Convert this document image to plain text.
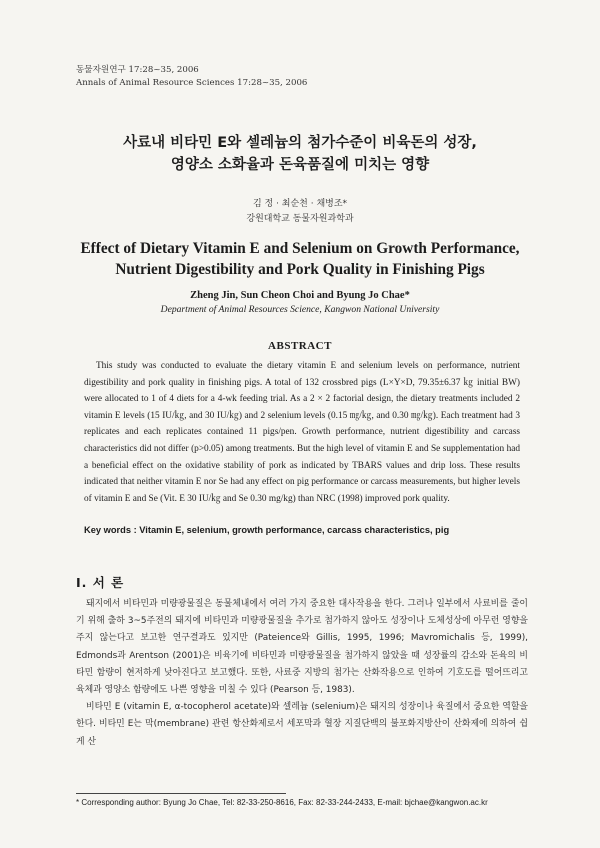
동물자원연구 17:28~35, 2006
Annals of Animal Resource Sciences 17:28~35, 2006
사료내 비타민 E와 셀레늄의 첨가수준이 비육돈의 성장,
영양소 소화율과 돈육품질에 미치는 영향
김 정 · 최순천 · 채병조*
강원대학교 동물자원과학과
Effect of Dietary Vitamin E and Selenium on Growth Performance,
Nutrient Digestibility and Pork Quality in Finishing Pigs
Zheng Jin, Sun Cheon Choi and Byung Jo Chae*
Department of Animal Resources Science, Kangwon National University
ABSTRACT
This study was conducted to evaluate the dietary vitamin E and selenium levels on performance, nutrient digestibility and pork quality in finishing pigs. A total of 132 crossbred pigs (L×Y×D, 79.35±6.37 ㎏ initial BW) were allocated to 1 of 4 diets for a 4-wk feeding trial. As a 2 × 2 factorial design, the dietary treatments included 2 vitamin E levels (15 IU/㎏, and 30 IU/㎏) and 2 selenium levels (0.15 ㎎/㎏, and 0.30 ㎎/㎏). Each treatment had 3 replicates and each replicates contained 11 pigs/pen. Growth performance, nutrient digestibility and carcass characteristics did not differ (p>0.05) among treatments. But the high level of vitamin E and Se supplementation had a beneficial effect on the oxidative stability of pork as indicated by TBARS values and drip loss. These results indicated that neither vitamin E nor Se had any effect on pig performance or carcass measurements, but higher levels of vitamin E and Se (Vit. E 30 IU/㎏ and Se 0.30 mg/kg) than NRC (1998) improved pork quality.
Key words : Vitamin E, selenium, growth performance, carcass characteristics, pig
Ⅰ. 서 론

돼지에서 비타민과 미량광물질은 동물체내에서 여러 가지 중요한 대사작용을 한다. 그러나 일부에서 사료비를 줄이기 위해 출하 3~5주전의 돼지에 비타민과 미량광물질을 추가로 첨가하지 않아도 성장이나 도체성상에 아무런 영향을 주지 않는다고 보고한 연구결과도 있지만 (Pateience와 Gillis, 1995, 1996; Mavromichalis 등, 1999), Edmonds과 Arentson (2001)은 비육기에 비타민과 미량광물질을 첨가하지 않았을 때 성장률의 감소와 돈육의 비타민 함량이 현저하게 낮아진다고 보고했다. 또한, 사료중 지방의 첨가는 산화작용으로 인하여 기호도를 떨어뜨리고 육체과 영양소 함량에도 나쁜 영향을 미칠 수 있다 (Pearson 등, 1983).

비타민 E (vitamin E, α-tocopherol acetate)와 셀레늄 (selenium)은 돼지의 성장이나 육질에서 중요한 역할을 한다. 비타민 E는 막(membrane) 관련 항산화제로서 세포막과 혈장 지질단백의 불포화지방산이 산화제에 의하여 쉽게 산

* Corresponding author: Byung Jo Chae, Tel: 82-33-250-8616, Fax: 82-33-244-2433, E-mail: bjchae@kangwon.ac.kr
